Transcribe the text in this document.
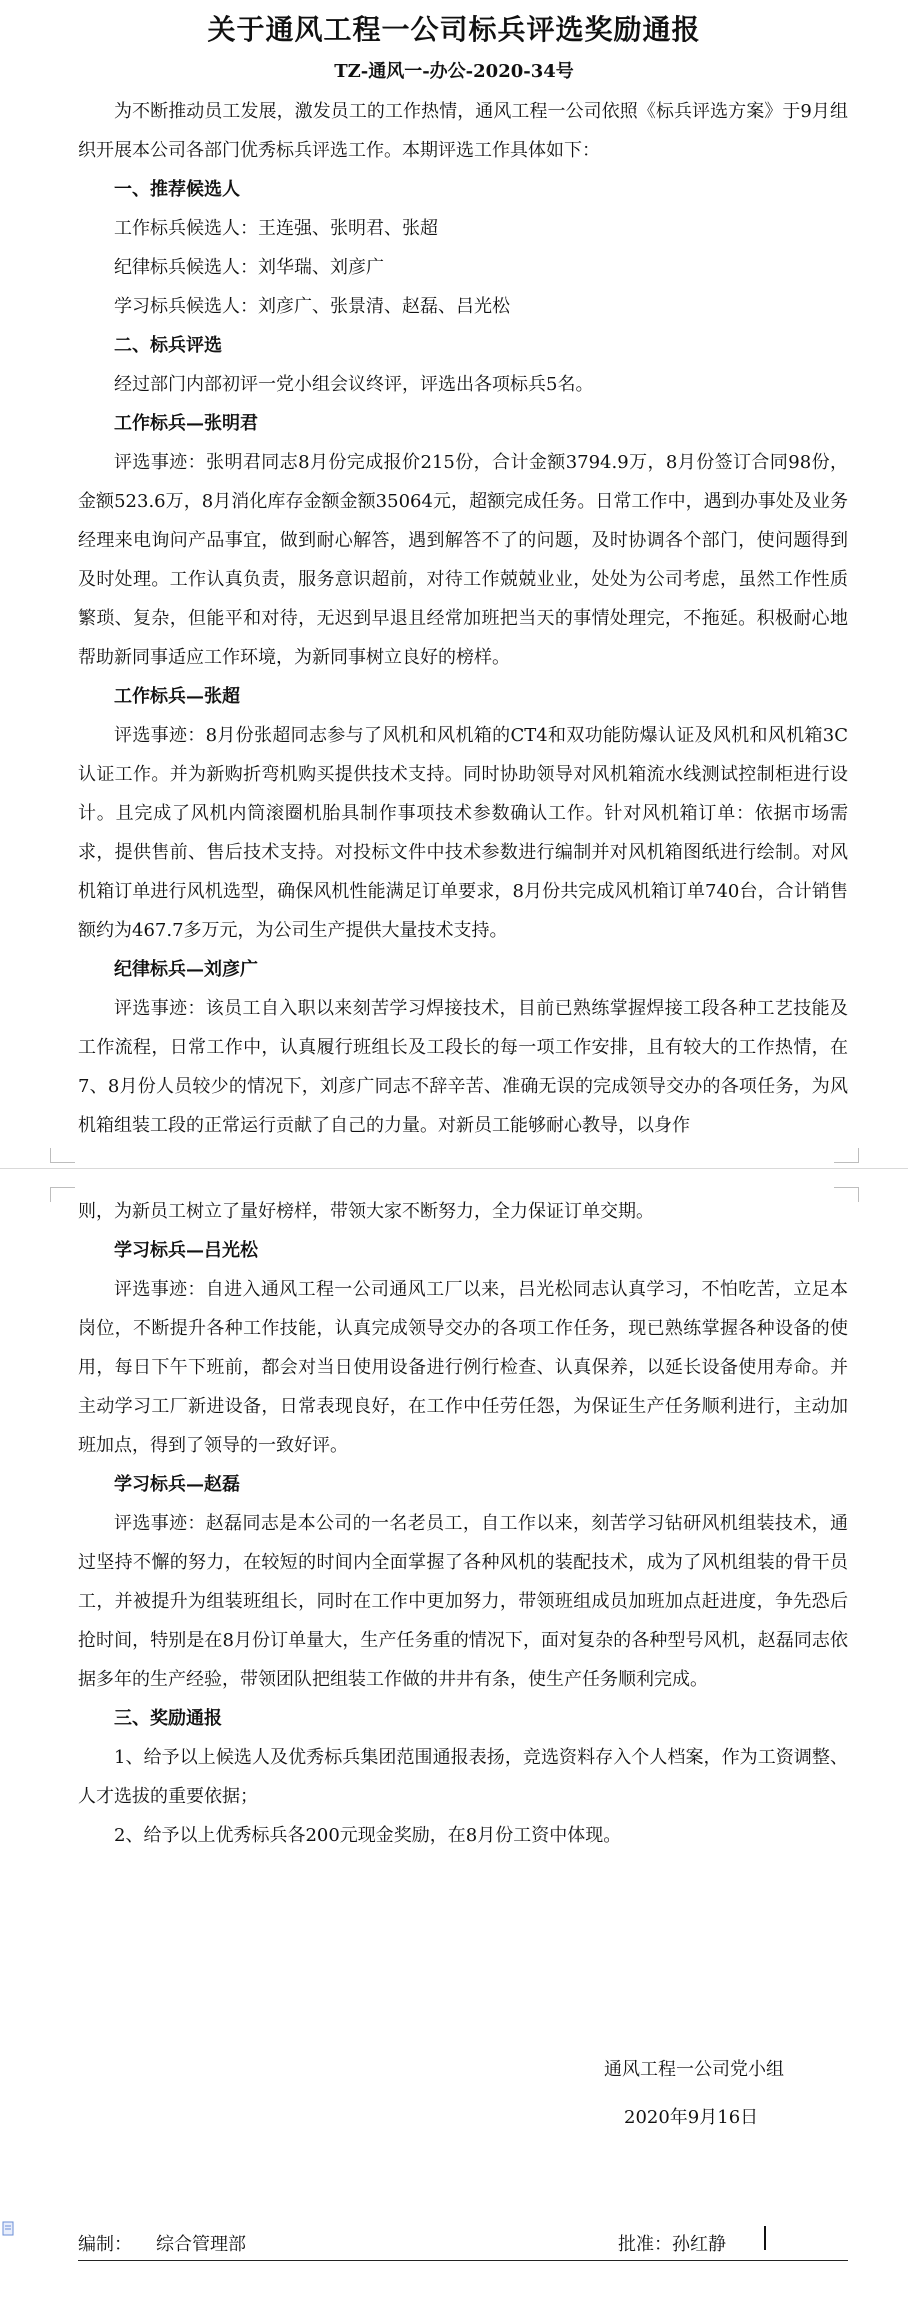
关于通风工程一公司标兵评选奖励通报
TZ-通风一-办公-2020-34号

为不断推动员工发展，激发员工的工作热情，通风工程一公司依照《标兵评选方案》于9月组织开展本公司各部门优秀标兵评选工作。本期评选工作具体如下：

一、推荐候选人

工作标兵候选人：王连强、张明君、张超

纪律标兵候选人：刘华瑞、刘彦广

学习标兵候选人：刘彦广、张景清、赵磊、吕光松

二、标兵评选

经过部门内部初评一党小组会议终评，评选出各项标兵5名。

工作标兵—张明君

评选事迹：张明君同志8月份完成报价215份，合计金额3794.9万，8月份签订合同98份，金额523.6万，8月消化库存金额金额35064元，超额完成任务。日常工作中，遇到办事处及业务经理来电询问产品事宜，做到耐心解答，遇到解答不了的问题，及时协调各个部门，使问题得到及时处理。工作认真负责，服务意识超前，对待工作兢兢业业，处处为公司考虑，虽然工作性质繁琐、复杂，但能平和对待，无迟到早退且经常加班把当天的事情处理完，不拖延。积极耐心地帮助新同事适应工作环境，为新同事树立良好的榜样。

工作标兵—张超

评选事迹：8月份张超同志参与了风机和风机箱的CT4和双功能防爆认证及风机和风机箱3C认证工作。并为新购折弯机购买提供技术支持。同时协助领导对风机箱流水线测试控制柜进行设计。且完成了风机内筒滚圈机胎具制作事项技术参数确认工作。针对风机箱订单：依据市场需求，提供售前、售后技术支持。对投标文件中技术参数进行编制并对风机箱图纸进行绘制。对风机箱订单进行风机选型，确保风机性能满足订单要求，8月份共完成风机箱订单740台，合计销售额约为467.7多万元，为公司生产提供大量技术支持。

纪律标兵—刘彦广

评选事迹：该员工自入职以来刻苦学习焊接技术，目前已熟练掌握焊接工段各种工艺技能及工作流程，日常工作中，认真履行班组长及工段长的每一项工作安排，且有较大的工作热情，在7、8月份人员较少的情况下，刘彦广同志不辞辛苦、准确无误的完成领导交办的各项任务，为风机箱组装工段的正常运行贡献了自己的力量。对新员工能够耐心教导，以身作

则，为新员工树立了量好榜样，带领大家不断努力，全力保证订单交期。

学习标兵—吕光松

评选事迹：自进入通风工程一公司通风工厂以来，吕光松同志认真学习，不怕吃苦，立足本岗位，不断提升各种工作技能，认真完成领导交办的各项工作任务，现已熟练掌握各种设备的使用，每日下午下班前，都会对当日使用设备进行例行检查、认真保养，以延长设备使用寿命。并主动学习工厂新进设备，日常表现良好，在工作中任劳任怨，为保证生产任务顺利进行，主动加班加点，得到了领导的一致好评。

学习标兵—赵磊

评选事迹：赵磊同志是本公司的一名老员工，自工作以来，刻苦学习钻研风机组装技术，通过坚持不懈的努力，在较短的时间内全面掌握了各种风机的装配技术，成为了风机组装的骨干员工，并被提升为组装班组长，同时在工作中更加努力，带领班组成员加班加点赶进度，争先恐后抢时间，特别是在8月份订单量大，生产任务重的情况下，面对复杂的各种型号风机，赵磊同志依据多年的生产经验，带领团队把组装工作做的井井有条，使生产任务顺利完成。

三、奖励通报

1、给予以上候选人及优秀标兵集团范围通报表扬，竞选资料存入个人档案，作为工资调整、人才选拔的重要依据；

2、给予以上优秀标兵各200元现金奖励，在8月份工资中体现。

通风工程一公司党小组
2020年9月16日
编制： 综合管理部	批准：孙红静
